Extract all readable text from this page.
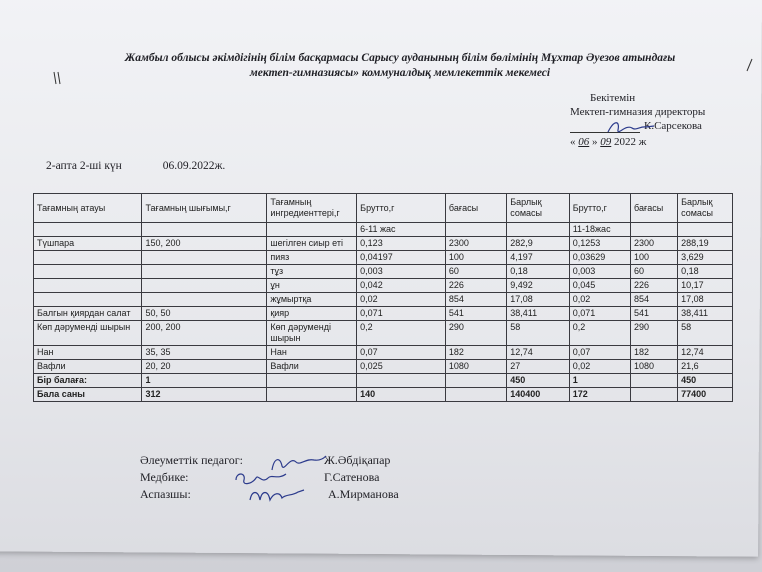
Жамбыл облысы әкімдігінің білім басқармасы Сарысу ауданының білім бөлімінің Мұхтар Әуезов атындағы
мектеп-гимназиясы» коммуналдық мемлекеттік мекемесі
Бекітемін
Мектеп-гимназия директоры
К.Сарсекова
« 06 » 09 2022 ж
2-апта 2-ші күн	06.09.2022ж.
Тағамның атауы	Тағамның шығымы,г	Тағамның ингредиенттері,г	Брутто,г	бағасы	Барлық сомасы	Брутто,г	бағасы	Барлық сомасы
			6-11 жас			11-18жас		
Түшпара	150, 200	шегілген сиыр еті	0,123	2300	282,9	0,1253	2300	288,19
		пияз	0,04197	100	4,197	0,03629	100	3,629
		тұз	0,003	60	0,18	0,003	60	0,18
		ұн	0,042	226	9,492	0,045	226	10,17
		жұмыртқа	0,02	854	17,08	0,02	854	17,08
Балгын қиярдан салат	50, 50	қияр	0,071	541	38,411	0,071	541	38,411
Көп дәруменді шырын	200, 200	Көп дәруменді шырын	0,2	290	58	0,2	290	58
Нан	35, 35	Нан	0,07	182	12,74	0,07	182	12,74
Вафли	20, 20	Вафли	0,025	1080	27	0,02	1080	21,6
Бір балаға:	1				450	1		450
Бала саны	312		140		140400	172		77400
Әлеуметтік педагог:	Ж.Әбдіқапар
Медбике:	Г.Сатенова
Аспазшы:	А.Мирманова
